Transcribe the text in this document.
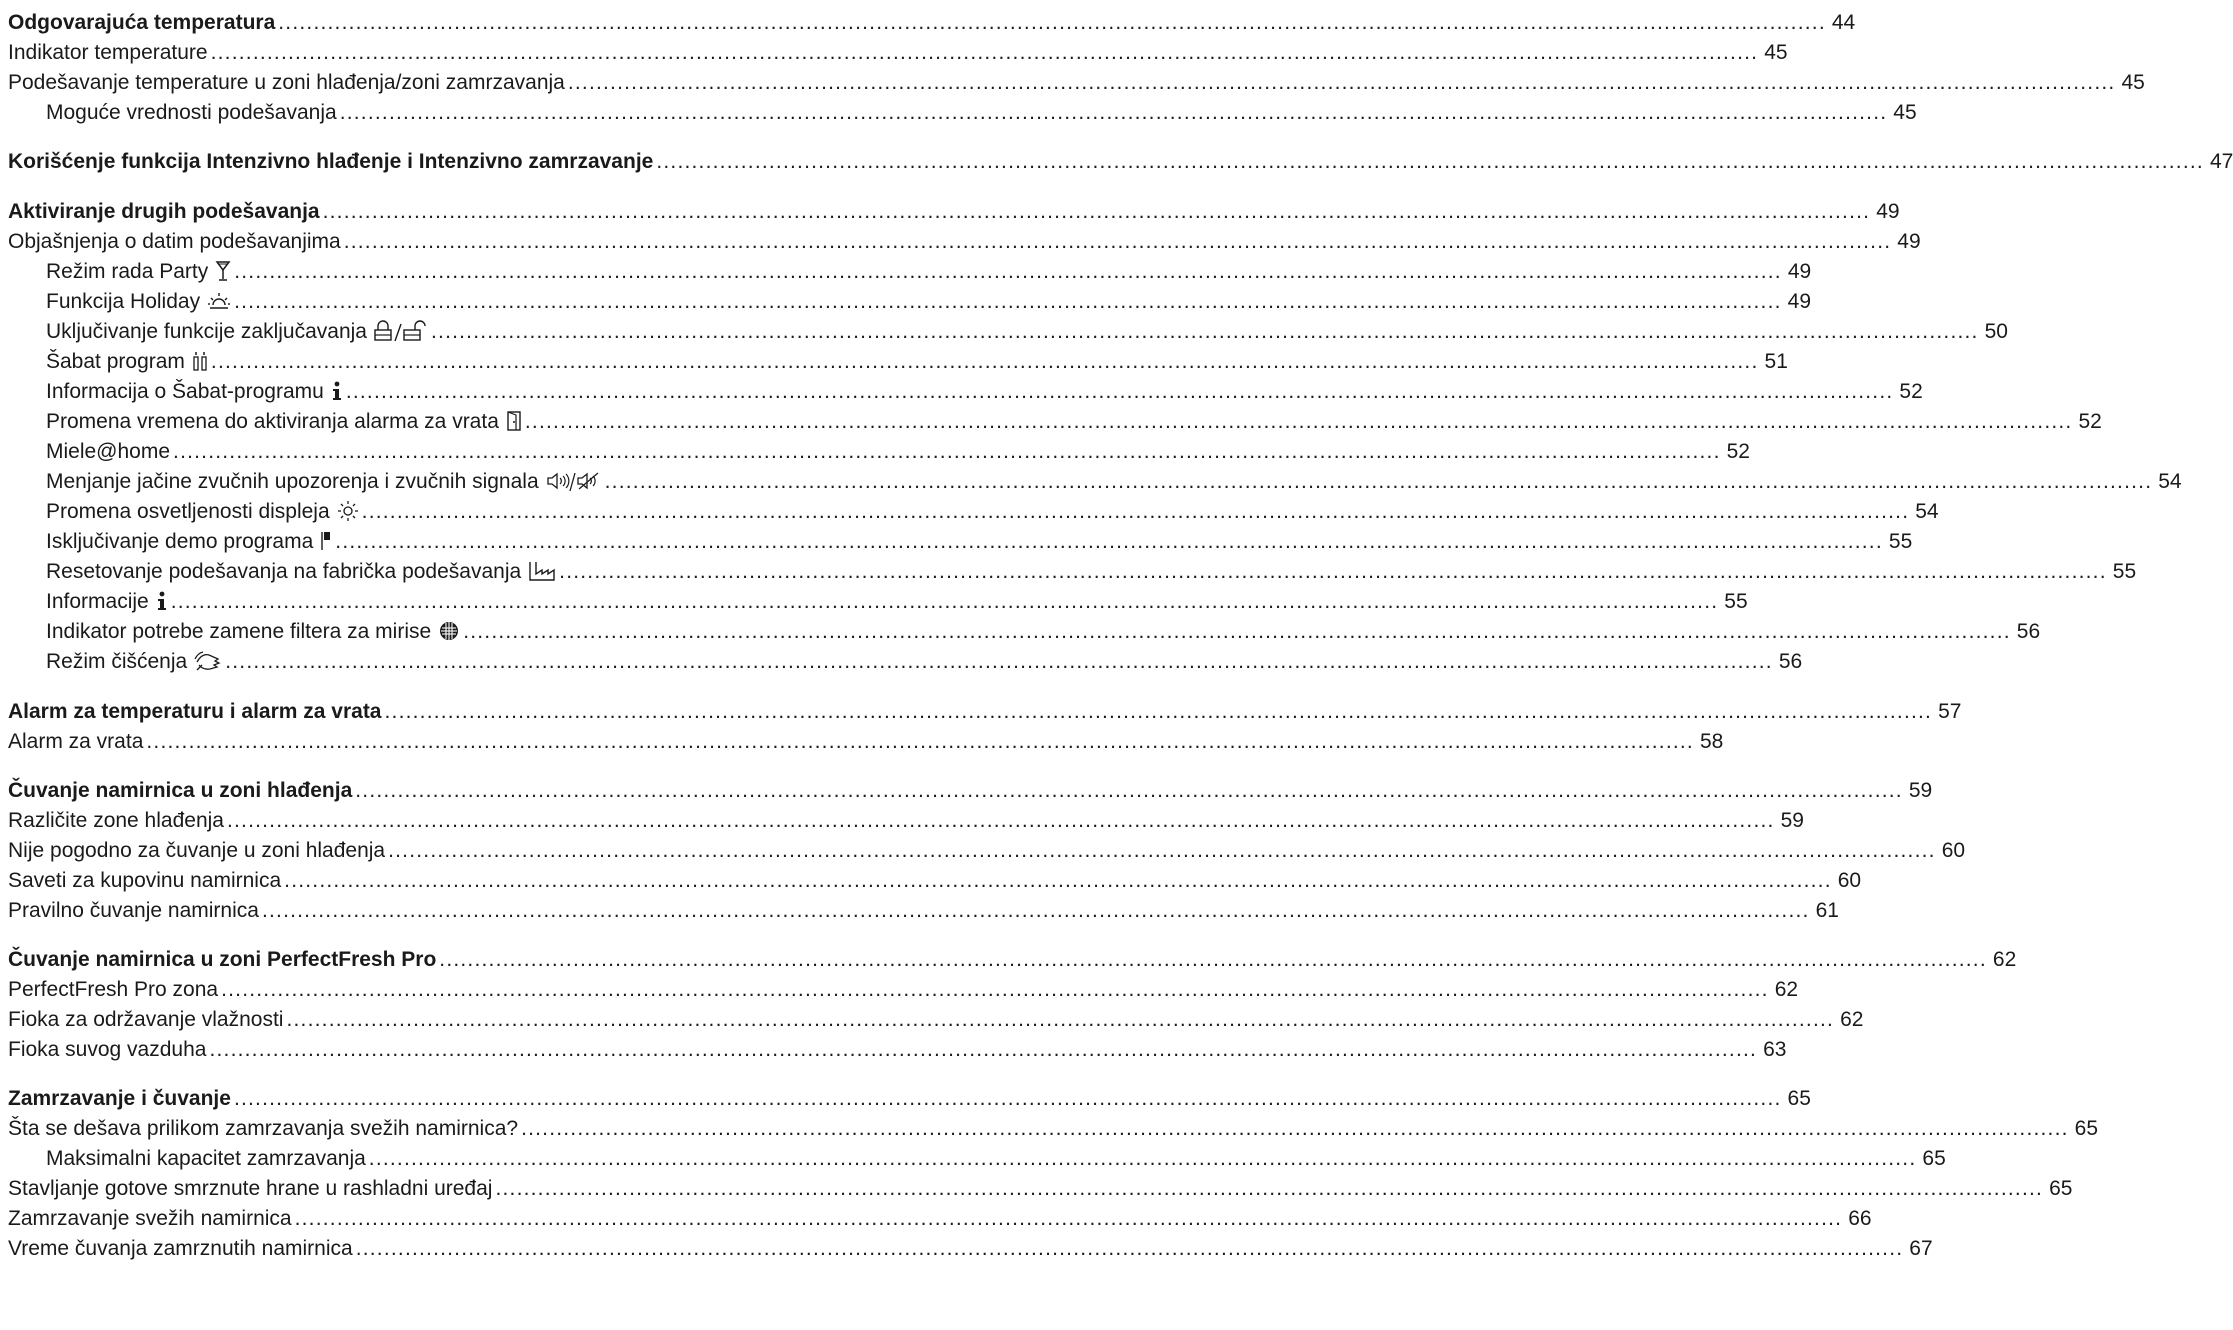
Odgovarajuća temperatura ............................................................................................................................................................................................................................ 44
Indikator temperature ............................................................................................................................................................................................................................ 45
Podešavanje temperature u zoni hlađenja/zoni zamrzavanja ............................................................................................................................................................................................................................ 45
Moguće vrednosti podešavanja ............................................................................................................................................................................................................................ 45
Korišćenje funkcija Intenzivno hlađenje i Intenzivno zamrzavanje ............................................................................................................................................................................................................................ 47
Aktiviranje drugih podešavanja ............................................................................................................................................................................................................................ 49
Objašnjenja o datim podešavanjima ............................................................................................................................................................................................................................ 49
Režim rada Party ............................................................................................................................................................................................................................ 49
Funkcija Holiday ............................................................................................................................................................................................................................ 49
Uključivanje funkcije zaključavanja	............................................................................................................................................................................................................................ 50
Šabat program ............................................................................................................................................................................................................................ 51
Informacija o Šabat-programu ............................................................................................................................................................................................................................ 52
Promena vremena do aktiviranja alarma za vrata ............................................................................................................................................................................................................................ 52
Miele@home ............................................................................................................................................................................................................................ 52
Menjanje jačine zvučnih upozorenja i zvučnih signala	............................................................................................................................................................................................................................ 54
Promena osvetljenosti displeja ............................................................................................................................................................................................................................ 54
Isključivanje demo programa ............................................................................................................................................................................................................................ 55
Resetovanje podešavanja na fabrička podešavanja ............................................................................................................................................................................................................................ 55
Informacije ............................................................................................................................................................................................................................ 55
Indikator potrebe zamene filtera za mirise ............................................................................................................................................................................................................................ 56
Režim čišćenja ............................................................................................................................................................................................................................ 56
Alarm za temperaturu i alarm za vrata ............................................................................................................................................................................................................................ 57
Alarm za vrata ............................................................................................................................................................................................................................ 58
Čuvanje namirnica u zoni hlađenja ............................................................................................................................................................................................................................ 59
Različite zone hlađenja ............................................................................................................................................................................................................................ 59
Nije pogodno za čuvanje u zoni hlađenja ............................................................................................................................................................................................................................ 60
Saveti za kupovinu namirnica ............................................................................................................................................................................................................................ 60
Pravilno čuvanje namirnica ............................................................................................................................................................................................................................ 61
Čuvanje namirnica u zoni PerfectFresh Pro ............................................................................................................................................................................................................................ 62
PerfectFresh Pro zona ............................................................................................................................................................................................................................ 62
Fioka za održavanje vlažnosti ............................................................................................................................................................................................................................ 62
Fioka suvog vazduha ............................................................................................................................................................................................................................ 63
Zamrzavanje i čuvanje ............................................................................................................................................................................................................................ 65
Šta se dešava prilikom zamrzavanja svežih namirnica? ............................................................................................................................................................................................................................ 65
Maksimalni kapacitet zamrzavanja ............................................................................................................................................................................................................................ 65
Stavljanje gotove smrznute hrane u rashladni uređaj ............................................................................................................................................................................................................................ 65
Zamrzavanje svežih namirnica ............................................................................................................................................................................................................................ 66
Vreme čuvanja zamrznutih namirnica ............................................................................................................................................................................................................................ 67
